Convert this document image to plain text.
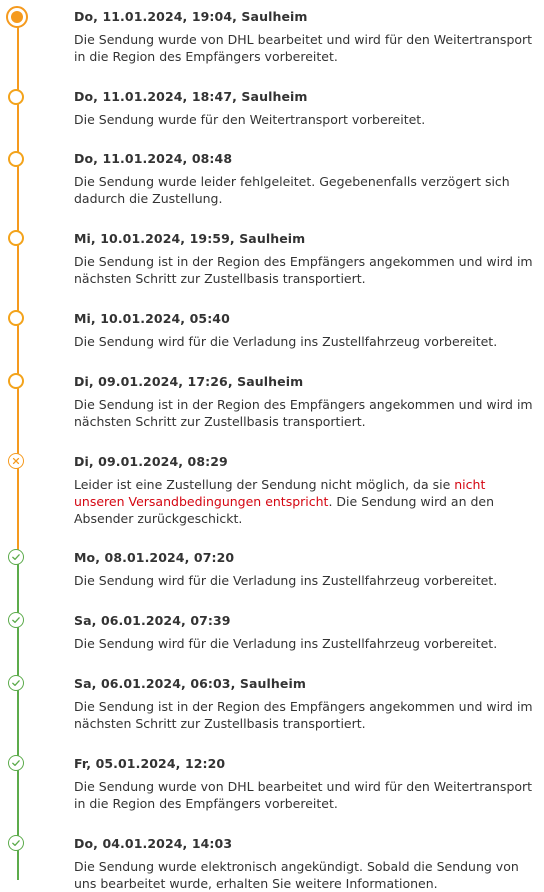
Do, 11.01.2024, 19:04, Saulheim
Die Sendung wurde von DHL bearbeitet und wird für den Weitertransport in die Region des Empfängers vorbereitet.
Do, 11.01.2024, 18:47, Saulheim
Die Sendung wurde für den Weitertransport vorbereitet.
Do, 11.01.2024, 08:48
Die Sendung wurde leider fehlgeleitet. Gegebenenfalls verzögert sich dadurch die Zustellung.
Mi, 10.01.2024, 19:59, Saulheim
Die Sendung ist in der Region des Empfängers angekommen und wird im nächsten Schritt zur Zustellbasis transportiert.
Mi, 10.01.2024, 05:40
Die Sendung wird für die Verladung ins Zustellfahrzeug vorbereitet.
Di, 09.01.2024, 17:26, Saulheim
Die Sendung ist in der Region des Empfängers angekommen und wird im nächsten Schritt zur Zustellbasis transportiert.
Di, 09.01.2024, 08:29
Leider ist eine Zustellung der Sendung nicht möglich, da sie nicht unseren Versandbedingungen entspricht. Die Sendung wird an den Absender zurückgeschickt.
Mo, 08.01.2024, 07:20
Die Sendung wird für die Verladung ins Zustellfahrzeug vorbereitet.
Sa, 06.01.2024, 07:39
Die Sendung wird für die Verladung ins Zustellfahrzeug vorbereitet.
Sa, 06.01.2024, 06:03, Saulheim
Die Sendung ist in der Region des Empfängers angekommen und wird im nächsten Schritt zur Zustellbasis transportiert.
Fr, 05.01.2024, 12:20
Die Sendung wurde von DHL bearbeitet und wird für den Weitertransport in die Region des Empfängers vorbereitet.
Do, 04.01.2024, 14:03
Die Sendung wurde elektronisch angekündigt. Sobald die Sendung von uns bearbeitet wurde, erhalten Sie weitere Informationen.
